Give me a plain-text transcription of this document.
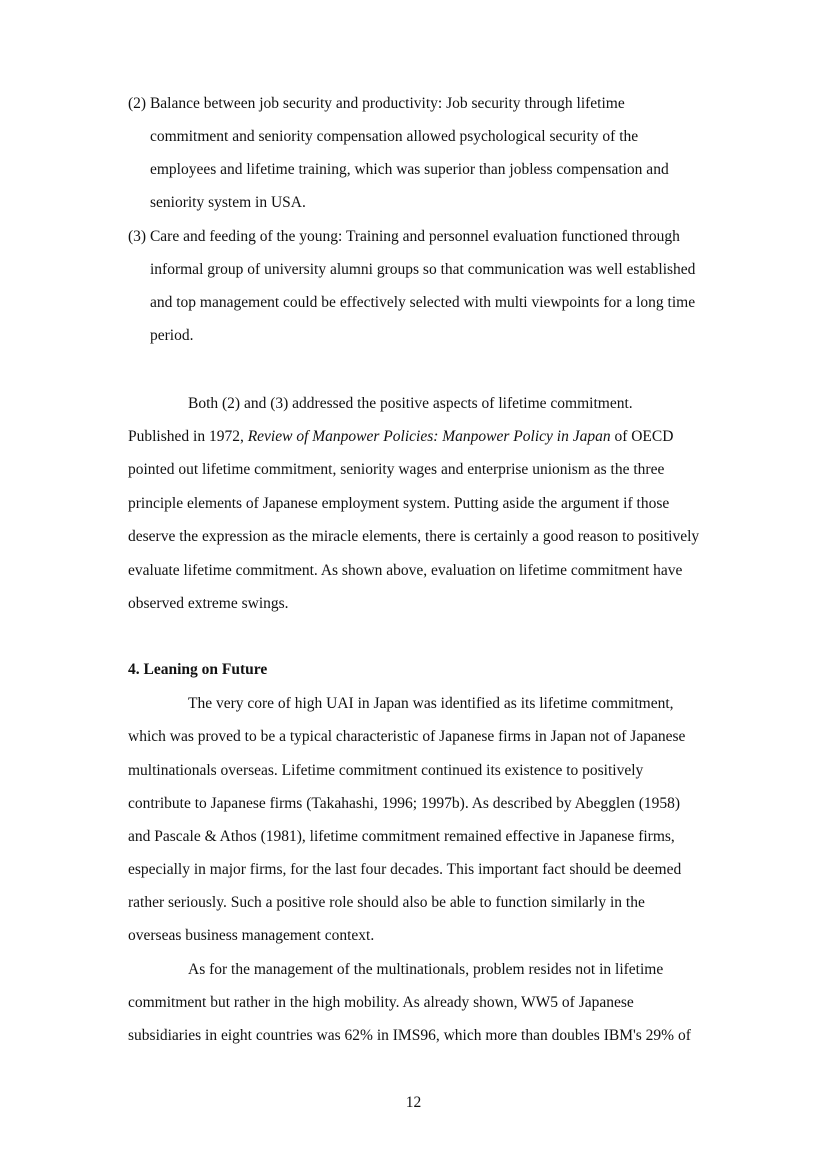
(2) Balance between job security and productivity: Job security through lifetime
commitment and seniority compensation allowed psychological security of the
employees and lifetime training, which was superior than jobless compensation and
seniority system in USA.
(3) Care and feeding of the young: Training and personnel evaluation functioned through
informal group of university alumni groups so that communication was well established
and top management could be effectively selected with multi viewpoints for a long time
period.
Both (2) and (3) addressed the positive aspects of lifetime commitment.
Published in 1972, Review of Manpower Policies: Manpower Policy in Japan of OECD
pointed out lifetime commitment, seniority wages and enterprise unionism as the three
principle elements of Japanese employment system. Putting aside the argument if those
deserve the expression as the miracle elements, there is certainly a good reason to positively
evaluate lifetime commitment. As shown above, evaluation on lifetime commitment have
observed extreme swings.
4. Leaning on Future
The very core of high UAI in Japan was identified as its lifetime commitment,
which was proved to be a typical characteristic of Japanese firms in Japan not of Japanese
multinationals overseas. Lifetime commitment continued its existence to positively
contribute to Japanese firms (Takahashi, 1996; 1997b). As described by Abegglen (1958)
and Pascale & Athos (1981), lifetime commitment remained effective in Japanese firms,
especially in major firms, for the last four decades. This important fact should be deemed
rather seriously. Such a positive role should also be able to function similarly in the
overseas business management context.
As for the management of the multinationals, problem resides not in lifetime
commitment but rather in the high mobility. As already shown, WW5 of Japanese
subsidiaries in eight countries was 62% in IMS96, which more than doubles IBM's 29% of
12
